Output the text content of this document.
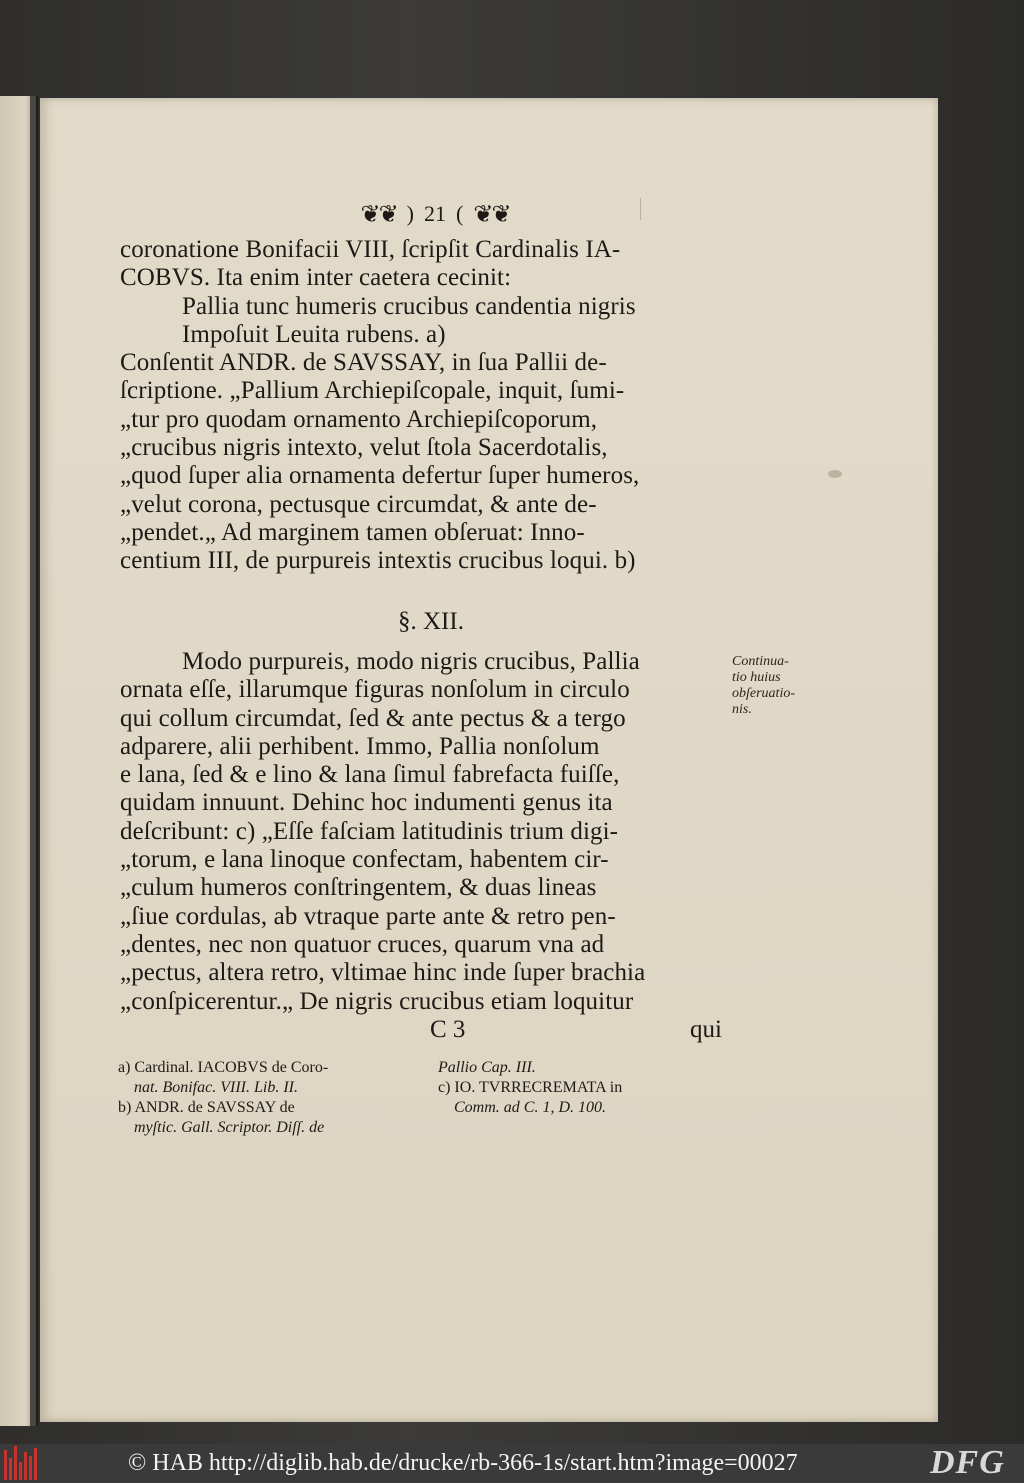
❦❦ ) 21 ( ❦❦
coronatione Bonifacii VIII, ſcripſit Cardinalis IA-
COBVS. Ita enim inter caetera cecinit:
Pallia tunc humeris crucibus candentia nigris
Impoſuit Leuita rubens. a)
Conſentit ANDR. de SAVSSAY, in ſua Pallii de-
ſcriptione. „Pallium Archiepiſcopale, inquit, ſumi-
„tur pro quodam ornamento Archiepiſcoporum,
„crucibus nigris intexto, velut ſtola Sacerdotalis,
„quod ſuper alia ornamenta defertur ſuper humeros,
„velut corona, pectusque circumdat, & ante de-
„pendet.„ Ad marginem tamen obſeruat: Inno-
centium III, de purpureis intextis crucibus loqui. b)
§. XII.
Modo purpureis, modo nigris crucibus, Pallia
ornata eſſe, illarumque figuras nonſolum in circulo
qui collum circumdat, ſed & ante pectus & a tergo
adparere, alii perhibent. Immo, Pallia nonſolum
e lana, ſed & e lino & lana ſimul fabrefacta fuiſſe,
quidam innuunt. Dehinc hoc indumenti genus ita
deſcribunt: c) „Eſſe faſciam latitudinis trium digi-
„torum, e lana linoque confectam, habentem cir-
„culum humeros conſtringentem, & duas lineas
„ſiue cordulas, ab vtraque parte ante & retro pen-
„dentes, nec non quatuor cruces, quarum vna ad
„pectus, altera retro, vltimae hinc inde ſuper brachia
„conſpicerentur.„ De nigris crucibus etiam loquitur
C 3	qui
Continua-
tio huius
obſeruatio-
nis.
a) Cardinal. IACOBVS de Coro-
nat. Bonifac. VIII. Lib. II.
b) ANDR. de SAVSSAY de
myſtic. Gall. Scriptor. Diſſ. de
Pallio Cap. III.
c) IO. TVRRECREMATA in
Comm. ad C. 1, D. 100.
© HAB http://diglib.hab.de/drucke/rb-366-1s/start.htm?image=00027	DFG
